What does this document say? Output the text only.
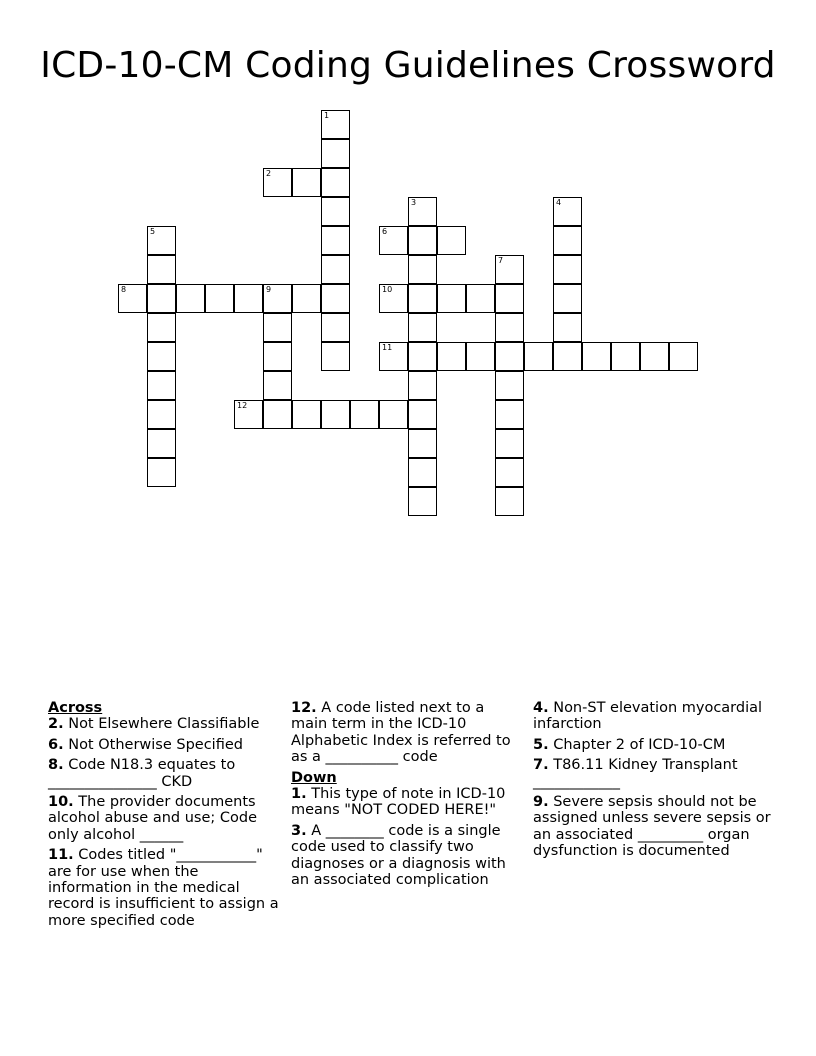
ICD-10-CM Coding Guidelines Crossword
1
2
3	4
5	6
7
8	9	10
11
12
Across
2. Not Elsewhere Classifiable
6. Not Otherwise Specified
8. Code N18.3 equates to _______________ CKD
10. The provider documents alcohol abuse and use; Code only alcohol ______
11. Codes titled "___________" are for use when the information in the medical record is insufficient to assign a more specified code
12. A code listed next to a main term in the ICD-10 Alphabetic Index is referred to as a __________ code
Down
1. This type of note in ICD-10 means "NOT CODED HERE!"
3. A ________ code is a single code used to classify two diagnoses or a diagnosis with an associated complication
4. Non-ST elevation myocardial infarction
5. Chapter 2 of ICD-10-CM
7. T86.11 Kidney Transplant ____________
9. Severe sepsis should not be assigned unless severe sepsis or an associated _________ organ dysfunction is documented
